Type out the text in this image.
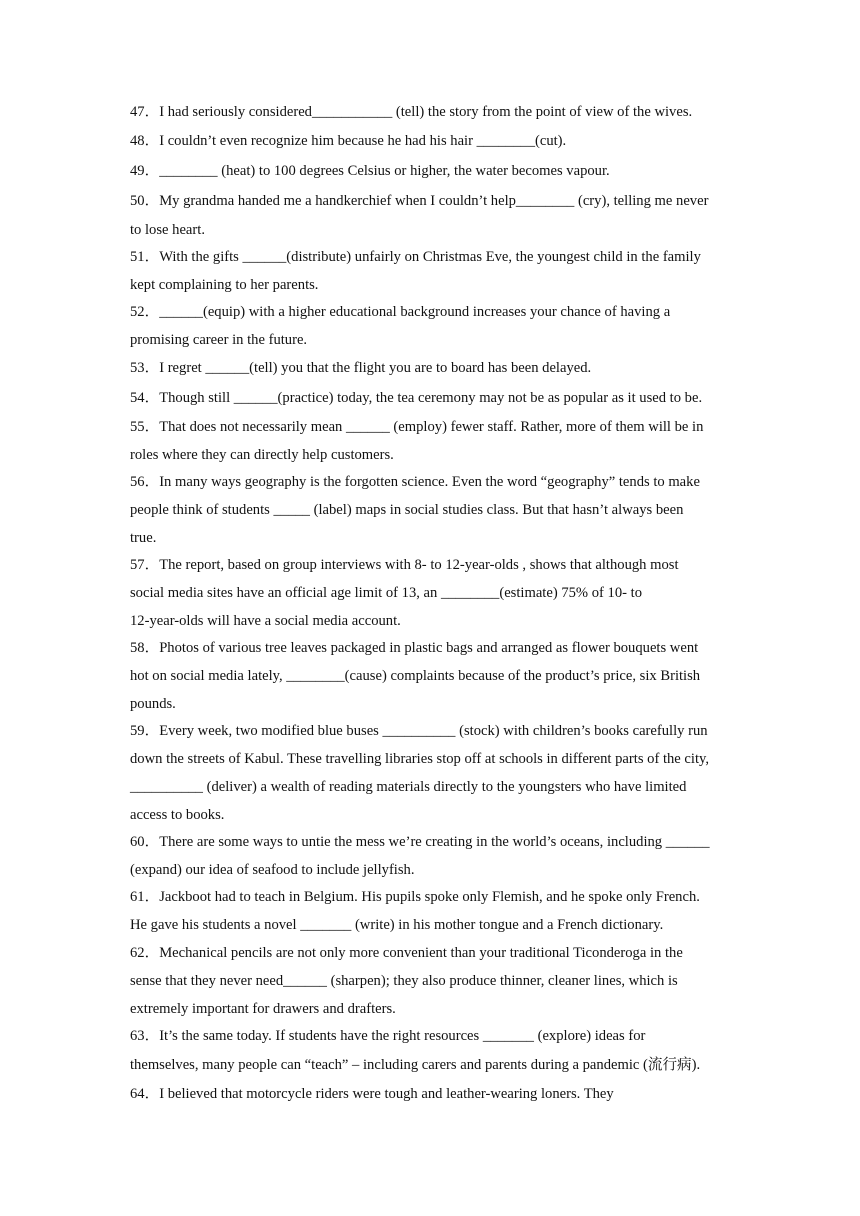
47．I had seriously considered___________ (tell) the story from the point of view of the wives.
48．I couldn’t even recognize him because he had his hair ________(cut).
49．________ (heat) to 100 degrees Celsius or higher, the water becomes vapour.
50．My grandma handed me a handkerchief when I couldn’t help________ (cry), telling me never
to lose heart.
51．With the gifts ______(distribute) unfairly on Christmas Eve, the youngest child in the family
kept complaining to her parents.
52．______(equip) with a higher educational background increases your chance of having a
promising career in the future.
53．I regret ______(tell) you that the flight you are to board has been delayed.
54．Though still ______(practice) today, the tea ceremony may not be as popular as it used to be.
55．That does not necessarily mean ______ (employ) fewer staff. Rather, more of them will be in
roles where they can directly help customers.
56．In many ways geography is the forgotten science. Even the word “geography” tends to make
people think of students _____ (label) maps in social studies class. But that hasn’t always been
true.
57．The report, based on group interviews with 8- to 12-year-olds , shows that although most
social media sites have an official age limit of 13, an ________(estimate) 75% of 10- to
12-year-olds will have a social media account.
58．Photos of various tree leaves packaged in plastic bags and arranged as flower bouquets went
hot on social media lately, ________(cause) complaints because of the product’s price, six British
pounds.
59．Every week, two modified blue buses __________ (stock) with children’s books carefully run
down the streets of Kabul. These travelling libraries stop off at schools in different parts of the city,
__________ (deliver) a wealth of reading materials directly to the youngsters who have limited
access to books.
60．There are some ways to untie the mess we’re creating in the world’s oceans, including ______
(expand) our idea of seafood to include jellyfish.
61．Jackboot had to teach in Belgium. His pupils spoke only Flemish, and he spoke only French.
He gave his students a novel _______ (write) in his mother tongue and a French dictionary.
62．Mechanical pencils are not only more convenient than your traditional Ticonderoga in the
sense that they never need______ (sharpen); they also produce thinner, cleaner lines, which is
extremely important for drawers and drafters.
63．It’s the same today. If students have the right resources _______ (explore) ideas for
themselves, many people can “teach” – including carers and parents during a pandemic (流行病).
64．I believed that motorcycle riders were tough and leather-wearing loners. They
